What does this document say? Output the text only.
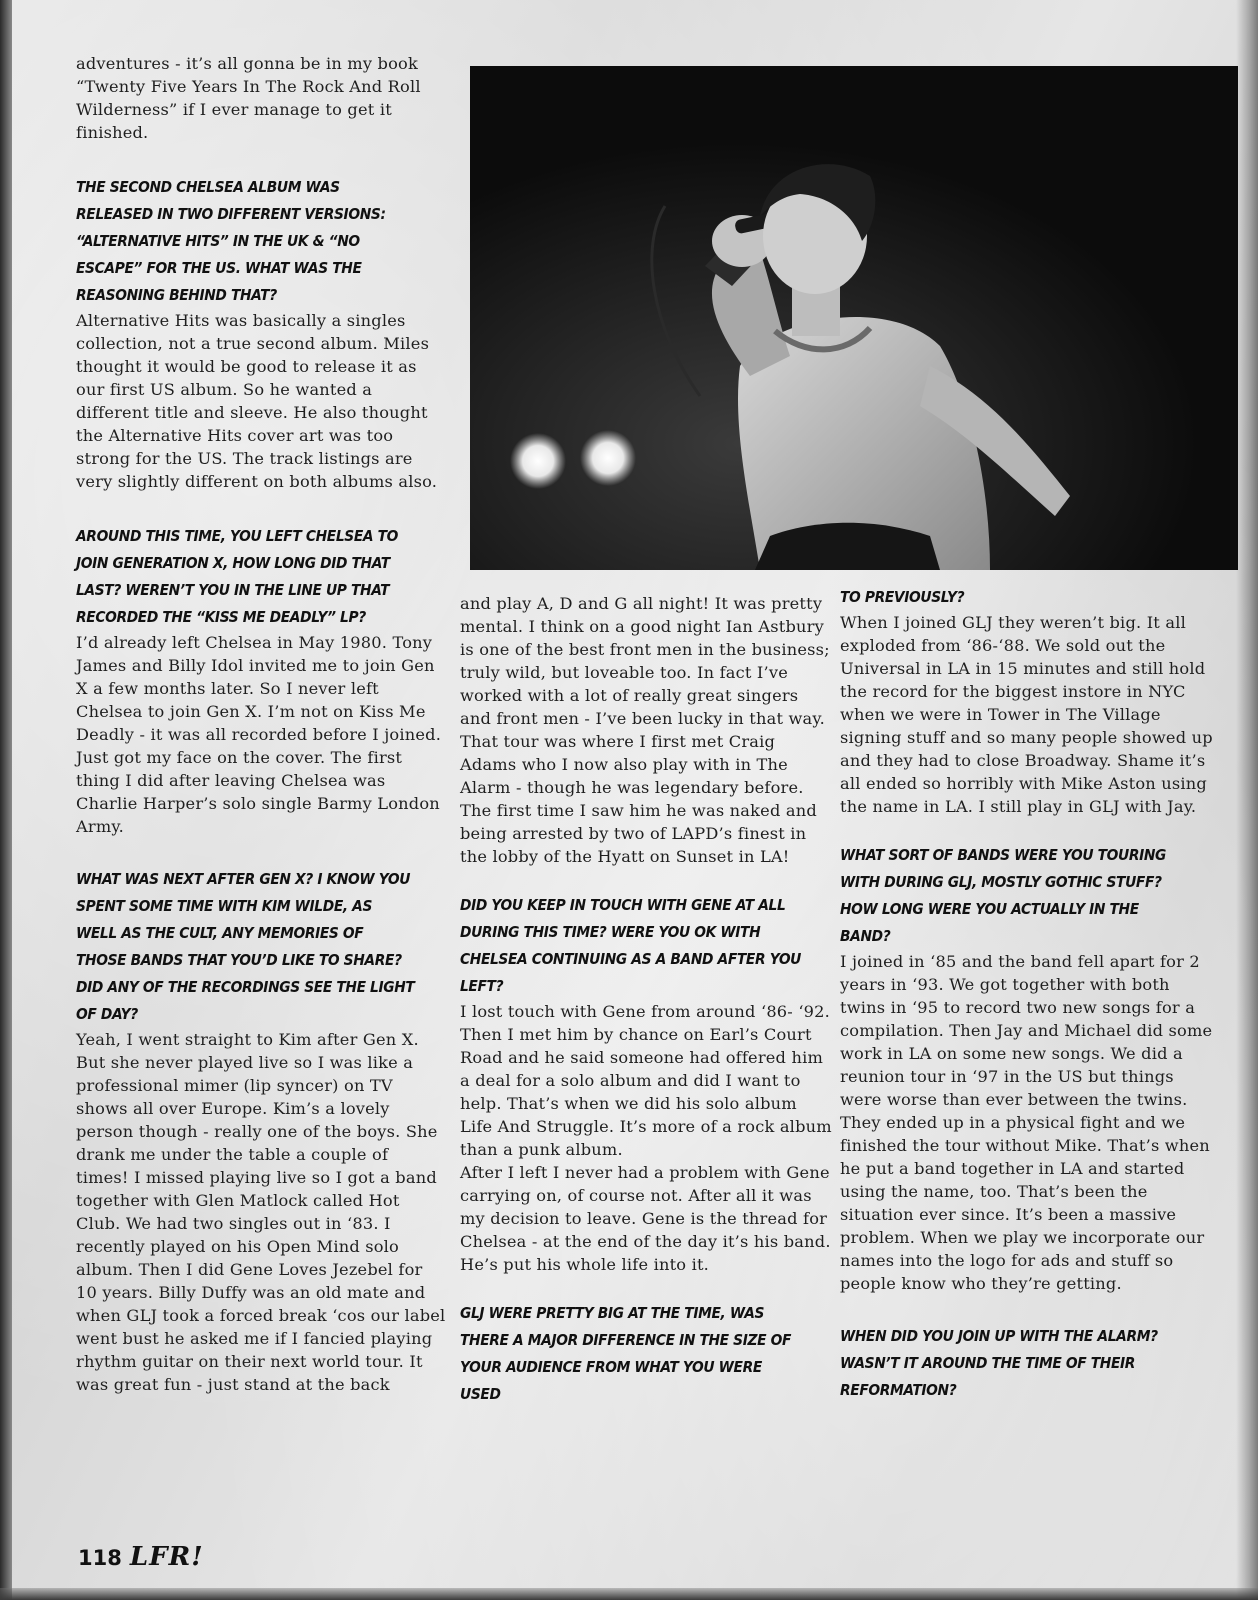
adventures - it’s all gonna be in my book “Twenty Five Years In The Rock And Roll Wilderness” if I ever manage to get it finished.

THE SECOND CHELSEA ALBUM WAS RELEASED IN TWO DIFFERENT VERSIONS: “ALTERNATIVE HITS” IN THE UK & “NO ESCAPE” FOR THE US. WHAT WAS THE REASONING BEHIND THAT?

Alternative Hits was basically a singles collection, not a true second album. Miles thought it would be good to release it as our first US album. So he wanted a different title and sleeve. He also thought the Alternative Hits cover art was too strong for the US. The track listings are very slightly different on both albums also.

AROUND THIS TIME, YOU LEFT CHELSEA TO JOIN GENERATION X, HOW LONG DID THAT LAST? WEREN’T YOU IN THE LINE UP THAT RECORDED THE “KISS ME DEADLY” LP?

I’d already left Chelsea in May 1980. Tony James and Billy Idol invited me to join Gen X a few months later. So I never left Chelsea to join Gen X. I’m not on Kiss Me Deadly - it was all recorded before I joined. Just got my face on the cover. The first thing I did after leaving Chelsea was Charlie Harper’s solo single Barmy London Army.

WHAT WAS NEXT AFTER GEN X? I KNOW YOU SPENT SOME TIME WITH KIM WILDE, AS WELL AS THE CULT, ANY MEMORIES OF THOSE BANDS THAT YOU’D LIKE TO SHARE? DID ANY OF THE RECORDINGS SEE THE LIGHT OF DAY?

Yeah, I went straight to Kim after Gen X. But she never played live so I was like a professional mimer (lip syncer) on TV shows all over Europe. Kim’s a lovely person though - really one of the boys. She drank me under the table a couple of times! I missed playing live so I got a band together with Glen Matlock called Hot Club. We had two singles out in ‘83. I recently played on his Open Mind solo album. Then I did Gene Loves Jezebel for 10 years. Billy Duffy was an old mate and when GLJ took a forced break ‘cos our label went bust he asked me if I fancied playing rhythm guitar on their next world tour. It was great fun - just stand at the back

and play A, D and G all night! It was pretty mental. I think on a good night Ian Astbury is one of the best front men in the business; truly wild, but loveable too. In fact I’ve worked with a lot of really great singers and front men - I’ve been lucky in that way. That tour was where I first met Craig Adams who I now also play with in The Alarm - though he was legendary before. The first time I saw him he was naked and being arrested by two of LAPD’s finest in the lobby of the Hyatt on Sunset in LA!

DID YOU KEEP IN TOUCH WITH GENE AT ALL DURING THIS TIME? WERE YOU OK WITH CHELSEA CONTINUING AS A BAND AFTER YOU LEFT?

I lost touch with Gene from around ‘86- ‘92. Then I met him by chance on Earl’s Court Road and he said someone had offered him a deal for a solo album and did I want to help. That’s when we did his solo album Life And Struggle. It’s more of a rock album than a punk album.

After I left I never had a problem with Gene carrying on, of course not. After all it was my decision to leave. Gene is the thread for Chelsea - at the end of the day it’s his band. He’s put his whole life into it.

GLJ WERE PRETTY BIG AT THE TIME, WAS THERE A MAJOR DIFFERENCE IN THE SIZE OF YOUR AUDIENCE FROM WHAT YOU WERE USED

TO PREVIOUSLY?

When I joined GLJ they weren’t big. It all exploded from ‘86-‘88. We sold out the Universal in LA in 15 minutes and still hold the record for the biggest instore in NYC when we were in Tower in The Village signing stuff and so many people showed up and they had to close Broadway. Shame it’s all ended so horribly with Mike Aston using the name in LA. I still play in GLJ with Jay.

WHAT SORT OF BANDS WERE YOU TOURING WITH DURING GLJ, MOSTLY GOTHIC STUFF? HOW LONG WERE YOU ACTUALLY IN THE BAND?

I joined in ‘85 and the band fell apart for 2 years in ‘93. We got together with both twins in ‘95 to record two new songs for a compilation. Then Jay and Michael did some work in LA on some new songs. We did a reunion tour in ‘97 in the US but things were worse than ever between the twins. They ended up in a physical fight and we finished the tour without Mike. That’s when he put a band together in LA and started using the name, too. That’s been the situation ever since. It’s been a massive problem. When we play we incorporate our names into the logo for ads and stuff so people know who they’re getting.

WHEN DID YOU JOIN UP WITH THE ALARM? WASN’T IT AROUND THE TIME OF THEIR REFORMATION?

118 LFR!
